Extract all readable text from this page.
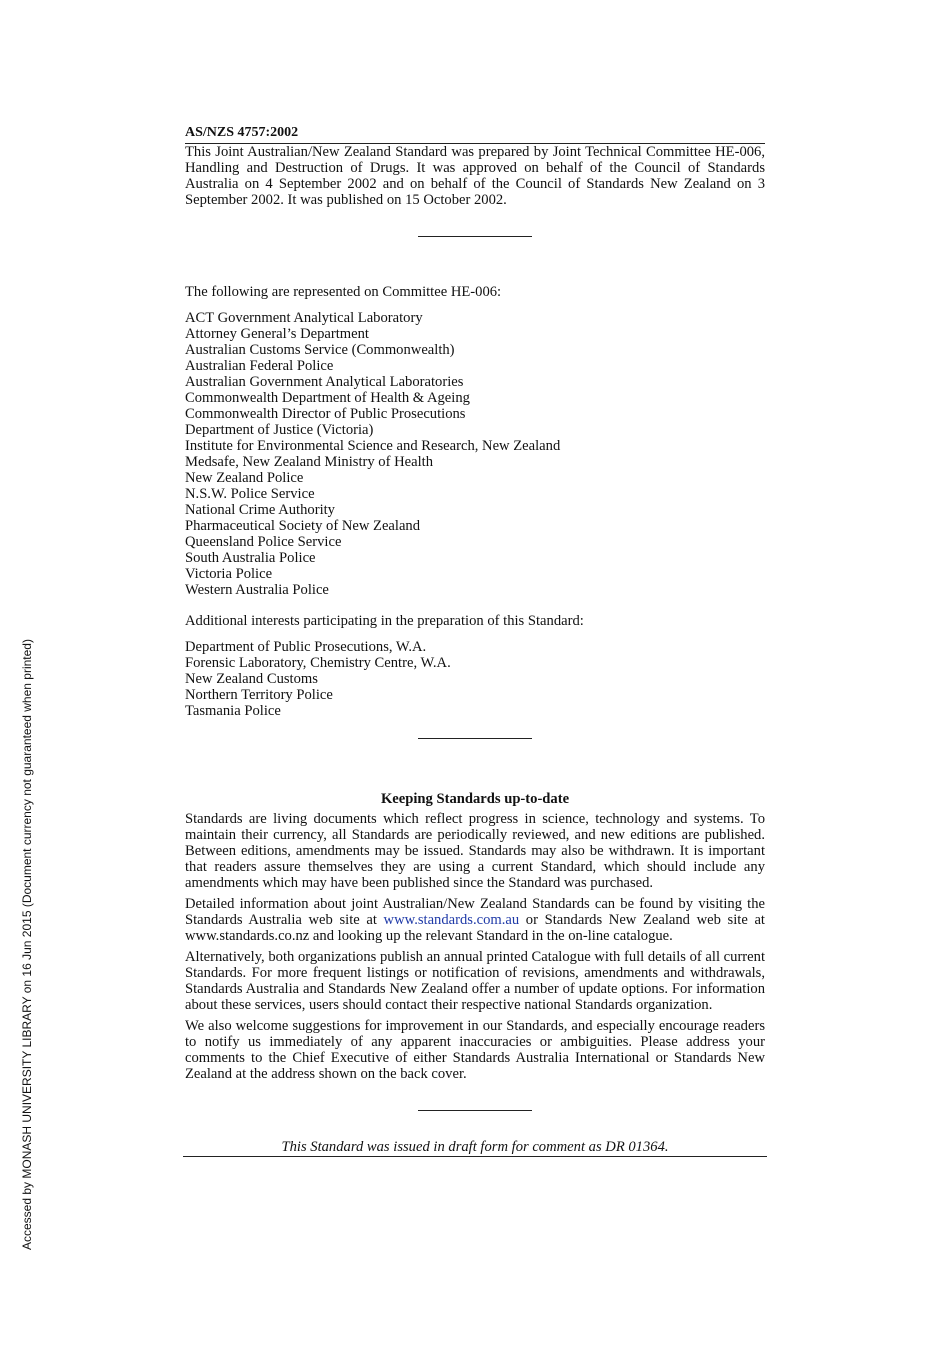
Accessed by MONASH UNIVERSITY LIBRARY on 16 Jun 2015 (Document currency not guaranteed when printed)
AS/NZS 4757:2002

This Joint Australian/New Zealand Standard was prepared by Joint Technical Committee HE-006, Handling and Destruction of Drugs. It was approved on behalf of the Council of Standards Australia on 4 September 2002 and on behalf of the Council of Standards New Zealand on 3 September 2002. It was published on 15 October 2002.

The following are represented on Committee HE-006:

ACT Government Analytical Laboratory
Attorney General’s Department
Australian Customs Service (Commonwealth)
Australian Federal Police
Australian Government Analytical Laboratories
Commonwealth Department of Health & Ageing
Commonwealth Director of Public Prosecutions
Department of Justice (Victoria)
Institute for Environmental Science and Research, New Zealand
Medsafe, New Zealand Ministry of Health
New Zealand Police
N.S.W. Police Service
National Crime Authority
Pharmaceutical Society of New Zealand
Queensland Police Service
South Australia Police
Victoria Police
Western Australia Police

Additional interests participating in the preparation of this Standard:

Department of Public Prosecutions, W.A.
Forensic Laboratory, Chemistry Centre, W.A.
New Zealand Customs
Northern Territory Police
Tasmania Police
Keeping Standards up-to-date

Standards are living documents which reflect progress in science, technology and systems. To maintain their currency, all Standards are periodically reviewed, and new editions are published. Between editions, amendments may be issued. Standards may also be withdrawn. It is important that readers assure themselves they are using a current Standard, which should include any amendments which may have been published since the Standard was purchased.

Detailed information about joint Australian/New Zealand Standards can be found by visiting the Standards Australia web site at www.standards.com.au or Standards New Zealand web site at www.standards.co.nz and looking up the relevant Standard in the on-line catalogue.

Alternatively, both organizations publish an annual printed Catalogue with full details of all current Standards. For more frequent listings or notification of revisions, amendments and withdrawals, Standards Australia and Standards New Zealand offer a number of update options. For information about these services, users should contact their respective national Standards organization.

We also welcome suggestions for improvement in our Standards, and especially encourage readers to notify us immediately of any apparent inaccuracies or ambiguities. Please address your comments to the Chief Executive of either Standards Australia International or Standards New Zealand at the address shown on the back cover.

This Standard was issued in draft form for comment as DR 01364.
